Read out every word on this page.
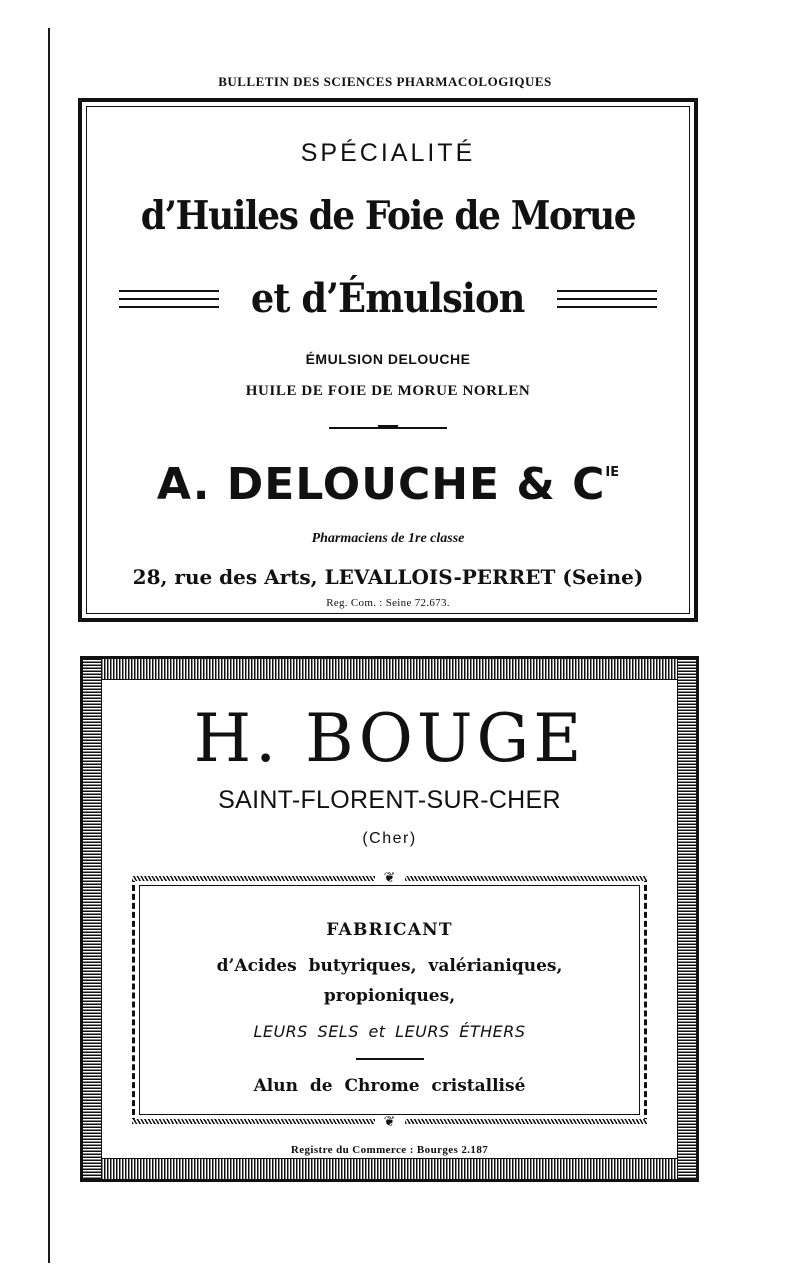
BULLETIN DES SCIENCES PHARMACOLOGIQUES
SPÉCIALITÉ
d’Huiles de Foie de Morue
et d’Émulsion
ÉMULSION DELOUCHE
HUILE DE FOIE DE MORUE NORLEN
A. DELOUCHE & $C^{IE}$
Pharmaciens de 1re classe
28, rue des Arts, LEVALLOIS-PERRET (Seine)
Reg. Com. : Seine 72.673.
H. BOUGE
SAINT-FLORENT-SUR-CHER
(Cher)
❦
❦
FABRICANT
d’Acides butyriques, valérianiques,
propioniques,
LEURS SELS et LEURS ÉTHERS
Alun de Chrome cristallisé
Registre du Commerce : Bourges 2.187
